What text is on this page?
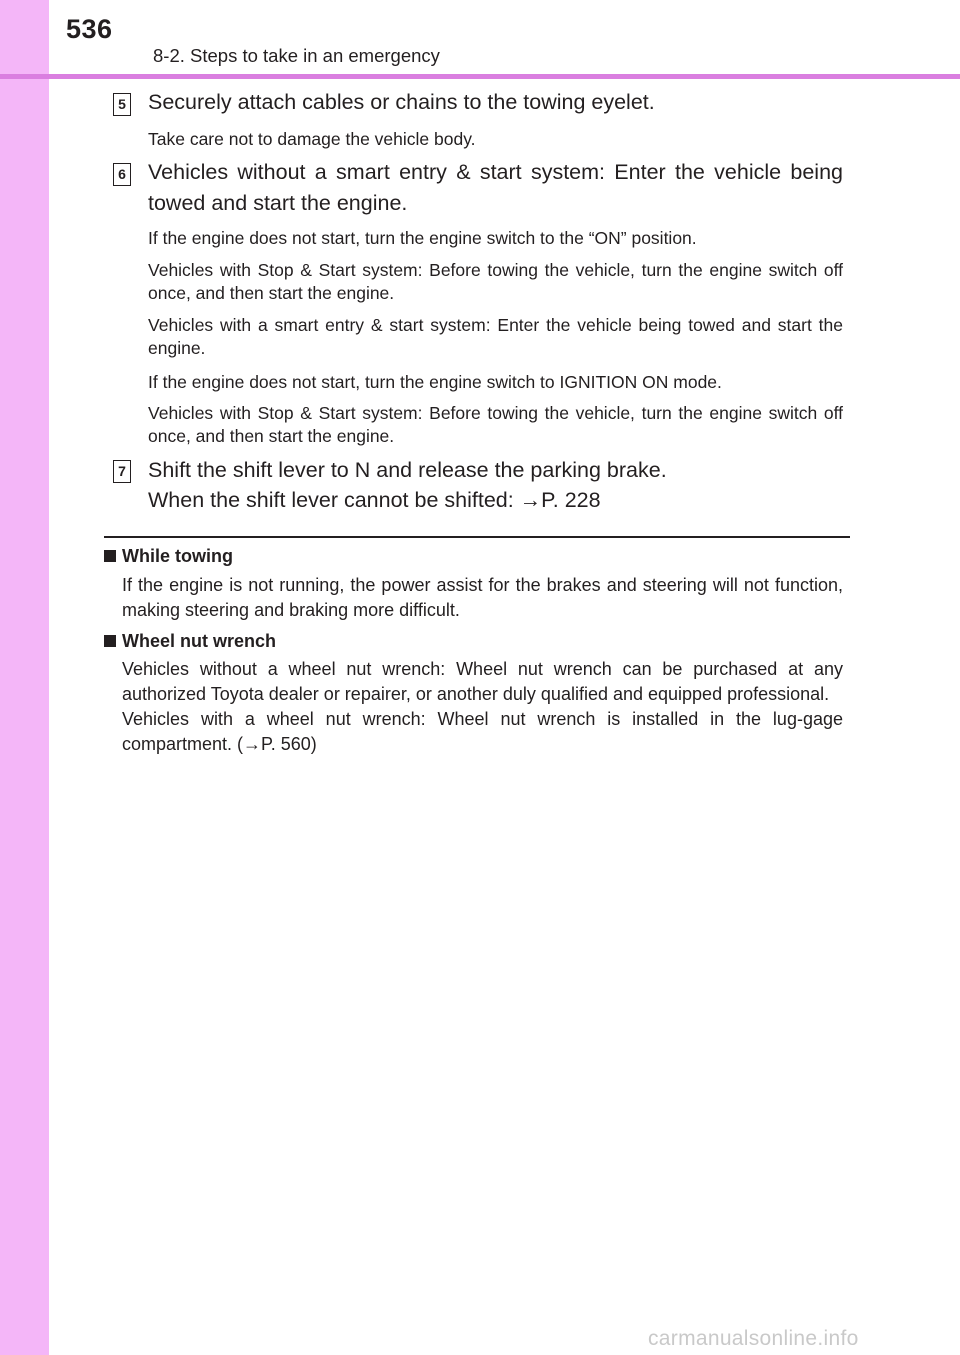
536
8-2. Steps to take in an emergency
5 Securely attach cables or chains to the towing eyelet.
Take care not to damage the vehicle body.
6 Vehicles without a smart entry & start system: Enter the vehicle being towed and start the engine.
If the engine does not start, turn the engine switch to the “ON” position.
Vehicles with Stop & Start system: Before towing the vehicle, turn the engine switch off once, and then start the engine.
Vehicles with a smart entry & start system: Enter the vehicle being towed and start the engine.
If the engine does not start, turn the engine switch to IGNITION ON mode.
Vehicles with Stop & Start system: Before towing the vehicle, turn the engine switch off once, and then start the engine.
7 Shift the shift lever to N and release the parking brake.
When the shift lever cannot be shifted: →P. 228
While towing

If the engine is not running, the power assist for the brakes and steering will not function, making steering and braking more difficult.

Wheel nut wrench

Vehicles without a wheel nut wrench: Wheel nut wrench can be purchased at any authorized Toyota dealer or repairer, or another duly qualified and equipped professional.

Vehicles with a wheel nut wrench: Wheel nut wrench is installed in the lug-gage compartment. (→P. 560)

carmanualsonline.info
